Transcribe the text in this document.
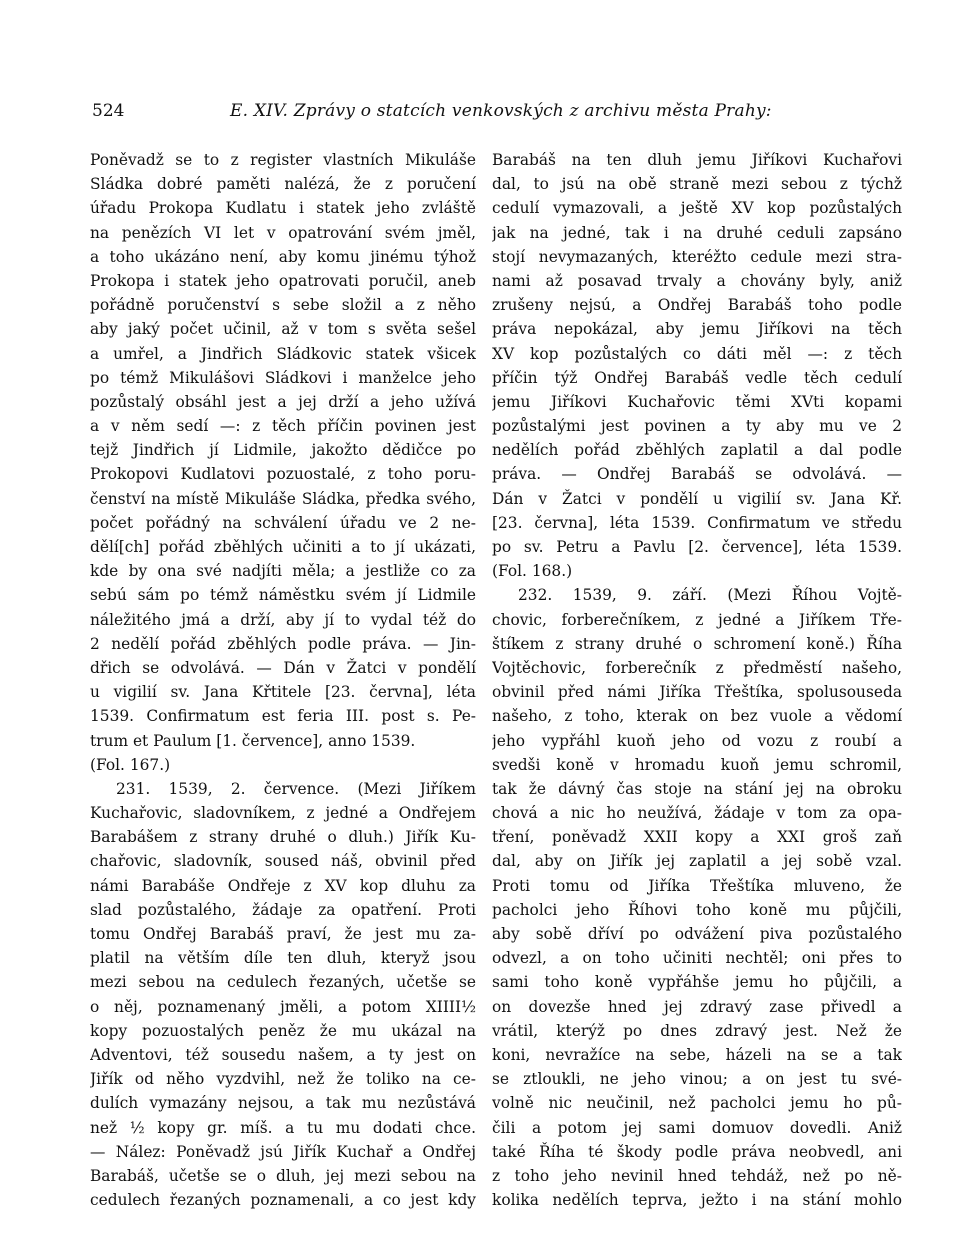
524	E. XIV. Zprávy o statcích venkovských z archivu města Prahy:
Poněvadž se to z register vlastních Mikuláše
Sládka dobré paměti nalézá, že z poručení
úřadu Prokopa Kudlatu i statek jeho zvláště
na penězích VI let v opatrování svém jměl,
a toho ukázáno není, aby komu jinému týhož
Prokopa i statek jeho opatrovati poručil, aneb
pořádně poručenství s sebe složil a z něho
aby jaký počet učinil, až v tom s světa sešel
a umřel, a Jindřich Sládkovic statek všicek
po témž Mikulášovi Sládkovi i manželce jeho
pozůstalý obsáhl jest a jej drží a jeho užívá
a v něm sedí —: z těch příčin povinen jest
tejž Jindřich jí Lidmile, jakožto dědičce po
Prokopovi Kudlatovi pozuostalé, z toho poru-
čenství na místě Mikuláše Sládka, předka svého,
počet pořádný na schválení úřadu ve 2 ne-
dělí[ch] pořád zběhlých učiniti a to jí ukázati,
kde by ona své nadjíti měla; a jestliže co za
sebú sám po témž náměstku svém jí Lidmile
náležitého jmá a drží, aby jí to vydal též do
2 nedělí pořád zběhlých podle práva. — Jin-
dřich se odvolává. — Dán v Žatci v pondělí
u vigilií sv. Jana Křtitele [23. června], léta
1539. Confirmatum est feria III. post s. Pe-
trum et Paulum [1. července], anno 1539.
(Fol. 167.)
231. 1539, 2. července. (Mezi Jiříkem
Kuchařovic, sladovníkem, z jedné a Ondřejem
Barabášem z strany druhé o dluh.) Jiřík Ku-
chařovic, sladovník, soused náš, obvinil před
námi Barabáše Ondřeje z XV kop dluhu za
slad pozůstalého, žádaje za opatření. Proti
tomu Ondřej Barabáš praví, že jest mu za-
platil na větším díle ten dluh, kteryž jsou
mezi sebou na cedulech řezaných, učetše se
o něj, poznamenaný jměli, a potom XIIII½
kopy pozuostalých peněz že mu ukázal na
Adventovi, též sousedu našem, a ty jest on
Jiřík od něho vyzdvihl, než že toliko na ce-
dulích vymazány nejsou, a tak mu nezůstává
než ½ kopy gr. míš. a tu mu dodati chce.
— Nález: Poněvadž jsú Jiřík Kuchař a Ondřej
Barabáš, učetše se o dluh, jej mezi sebou na
cedulech řezaných poznamenali, a co jest kdy
Barabáš na ten dluh jemu Jiříkovi Kuchařovi
dal, to jsú na obě straně mezi sebou z týchž
cedulí vymazovali, a ještě XV kop pozůstalých
jak na jedné, tak i na druhé ceduli zapsáno
stojí nevymazaných, kteréžto cedule mezi stra-
nami až posavad trvaly a chovány byly, aniž
zrušeny nejsú, a Ondřej Barabáš toho podle
práva nepokázal, aby jemu Jiříkovi na těch
XV kop pozůstalých co dáti měl —: z těch
příčin týž Ondřej Barabáš vedle těch cedulí
jemu Jiříkovi Kuchařovic těmi XVti kopami
pozůstalými jest povinen a ty aby mu ve 2
nedělích pořád zběhlých zaplatil a dal podle
práva. — Ondřej Barabáš se odvolává. —
Dán v Žatci v pondělí u vigilií sv. Jana Kř.
[23. června], léta 1539. Confirmatum ve středu
po sv. Petru a Pavlu [2. července], léta 1539.
(Fol. 168.)
232. 1539, 9. září. (Mezi Říhou Vojtě-
chovic, forberečníkem, z jedné a Jiříkem Tře-
štíkem z strany druhé o schromení koně.) Říha
Vojtěchovic, forberečník z předměstí našeho,
obvinil před námi Jiříka Třeštíka, spolusouseda
našeho, z toho, kterak on bez vuole a vědomí
jeho vypřáhl kuoň jeho od vozu z roubí a
svedši koně v hromadu kuoň jemu schromil,
tak že dávný čas stoje na stání jej na obroku
chová a nic ho neužívá, žádaje v tom za opa-
tření, poněvadž XXII kopy a XXI groš zaň
dal, aby on Jiřík jej zaplatil a jej sobě vzal.
Proti tomu od Jiříka Třeštíka mluveno, že
pacholci jeho Říhovi toho koně mu půjčili,
aby sobě dříví po odvážení piva pozůstalého
odvezl, a on toho učiniti nechtěl; oni přes to
sami toho koně vypřáhše jemu ho půjčili, a
on dovezše hned jej zdravý zase přivedl a
vrátil, kterýž po dnes zdravý jest. Než že
koni, nevražíce na sebe, házeli na se a tak
se ztloukli, ne jeho vinou; a on jest tu své-
volně nic neučinil, než pacholci jemu ho pů-
čili a potom jej sami domuov dovedli. Aniž
také Říha té škody podle práva neobvedl, ani
z toho jeho nevinil hned tehdáž, než po ně-
kolika nedělích teprva, ježto i na stání mohlo
